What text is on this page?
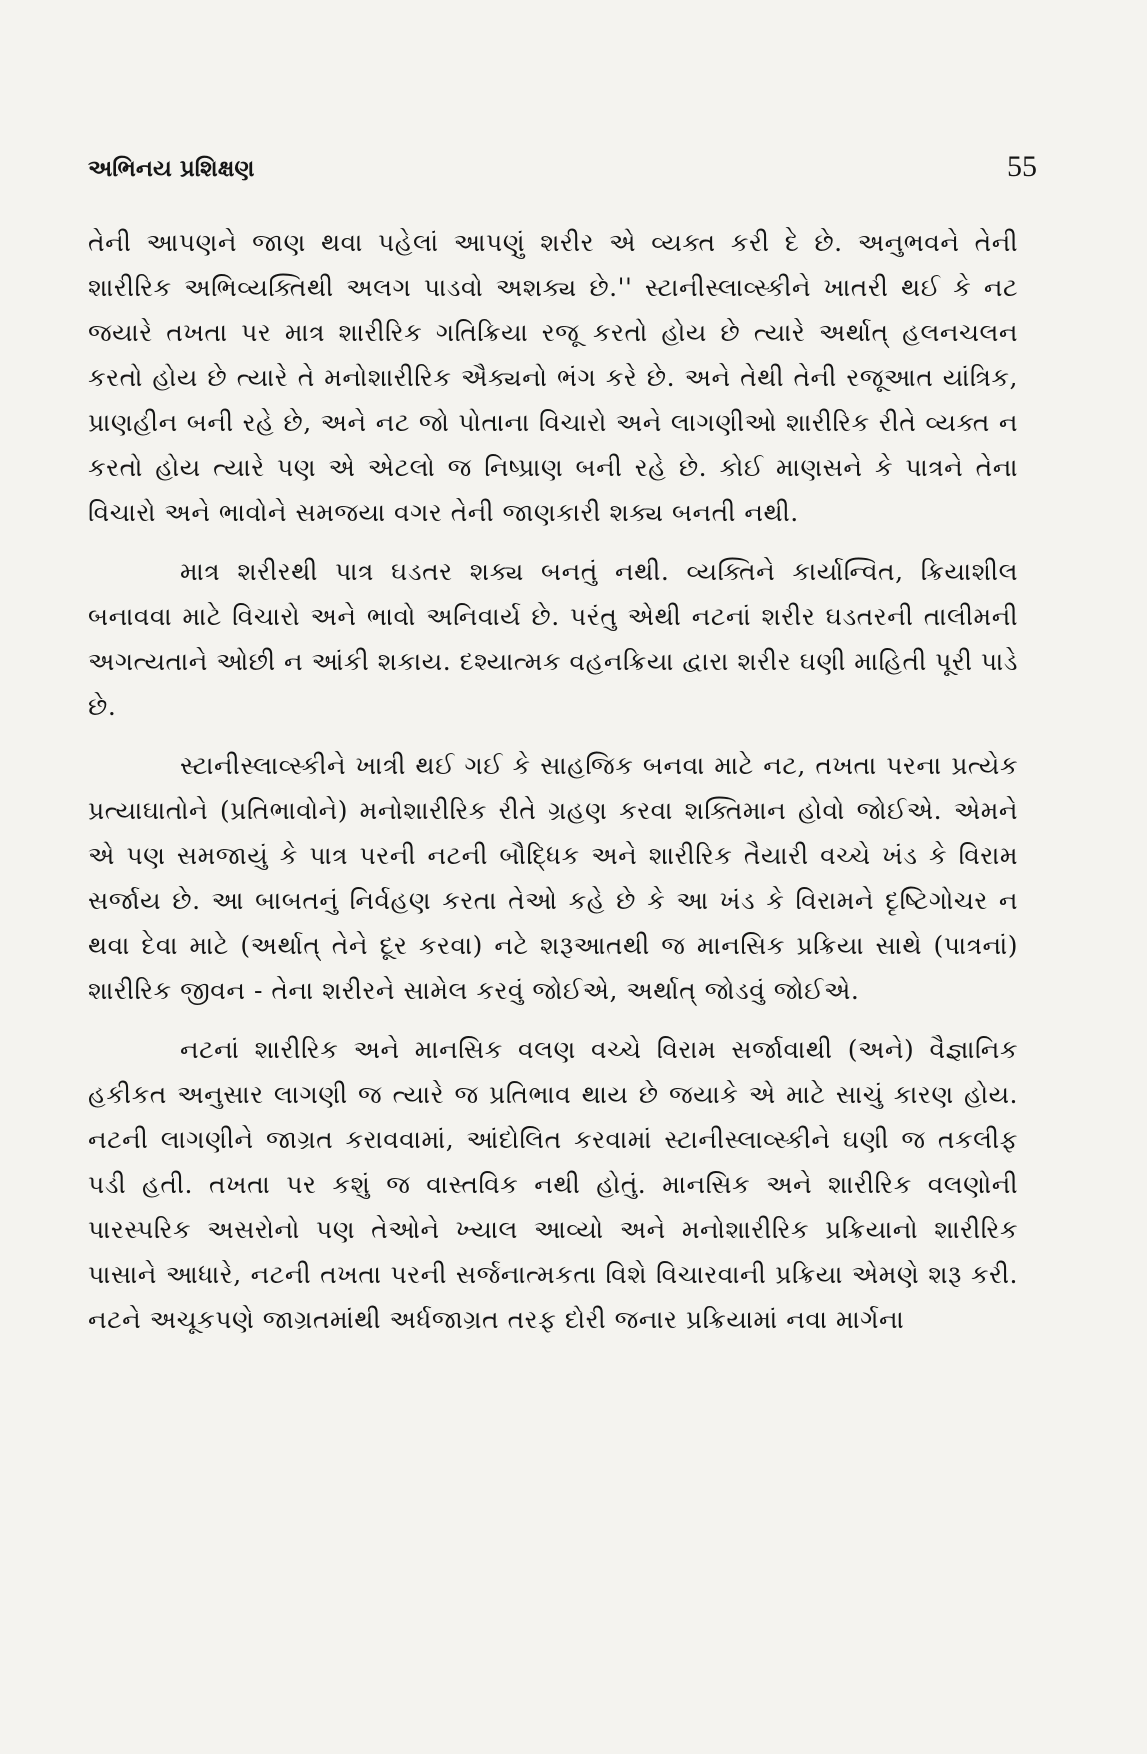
અભિનય પ્રશિક્ષણ	55

તેની આપણને જાણ થવા પહેલાં આપણું શરીર એ વ્યક્ત કરી દે છે. અનુભવને તેની શારીરિક અભિવ્યક્તિથી અલગ પાડવો અશક્ય છે.'' સ્ટાનીસ્લાવ્સ્કીને ખાતરી થઈ કે નટ જયારે તખતા પર માત્ર શારીરિક ગતિક્રિયા રજૂ કરતો હોય છે ત્યારે અર્થાત્ હલનચલન કરતો હોય છે ત્યારે તે મનોશારીરિક ઐક્યનો ભંગ કરે છે. અને તેથી તેની રજૂઆત યાંત્રિક, પ્રાણહીન બની રહે છે, અને નટ જો પોતાના વિચારો અને લાગણીઓ શારીરિક રીતે વ્યક્ત ન કરતો હોય ત્યારે પણ એ એટલો જ નિષ્પ્રાણ બની રહે છે. કોઈ માણસને કે પાત્રને તેના વિચારો અને ભાવોને સમજયા વગર તેની જાણકારી શક્ય બનતી નથી.

માત્ર શરીરથી પાત્ર ઘડતર શક્ય બનતું નથી. વ્યક્તિને કાર્યાન્વિત, ક્રિયાશીલ બનાવવા માટે વિચારો અને ભાવો અનિવાર્ય છે. પરંતુ એથી નટનાં શરીર ઘડતરની તાલીમની અગત્યતાને ઓછી ન આંકી શકાય. દશ્યાત્મક વહનક્રિયા દ્વારા શરીર ઘણી માહિતી પૂરી પાડે છે.

સ્ટાનીસ્લાવ્સ્કીને ખાત્રી થઈ ગઈ કે સાહજિક બનવા માટે નટ, તખતા પરના પ્રત્યેક પ્રત્યાઘાતોને (પ્રતિભાવોને) મનોશારીરિક રીતે ગ્રહણ કરવા શક્તિમાન હોવો જોઈએ. એમને એ પણ સમજાયું કે પાત્ર પરની નટની બૌદ્ધિક અને શારીરિક તૈયારી વચ્ચે ખંડ કે વિરામ સર્જાય છે. આ બાબતનું નિર્વહણ કરતા તેઓ કહે છે કે આ ખંડ કે વિરામને દૃષ્ટિગોચર ન થવા દેવા માટે (અર્થાત્ તેને દૂર કરવા) નટે શરૂઆતથી જ માનસિક પ્રક્રિયા સાથે (પાત્રનાં) શારીરિક જીવન - તેના શરીરને સામેલ કરવું જોઈએ, અર્થાત્ જોડવું જોઈએ.

નટનાં શારીરિક અને માનસિક વલણ વચ્ચે વિરામ સર્જાવાથી (અને) વૈજ્ઞાનિક હકીકત અનુસાર લાગણી જ ત્યારે જ પ્રતિભાવ થાય છે જયાકે એ માટે સાચું કારણ હોય. નટની લાગણીને જાગ્રત કરાવવામાં, આંદોલિત કરવામાં સ્ટાનીસ્લાવ્સ્કીને ઘણી જ તકલીફ પડી હતી. તખતા પર કશું જ વાસ્તવિક નથી હોતું. માનસિક અને શારીરિક વલણોની પારસ્પરિક અસરોનો પણ તેઓને ખ્યાલ આવ્યો અને મનોશારીરિક પ્રક્રિયાનો શારીરિક પાસાને આધારે, નટની તખતા પરની સર્જનાત્મકતા વિશે વિચારવાની પ્રક્રિયા એમણે શરૂ કરી. નટને અચૂકપણે જાગ્રતમાંથી અર્ધજાગ્રત તરફ દોરી જનાર પ્રક્રિયામાં નવા માર્ગના
